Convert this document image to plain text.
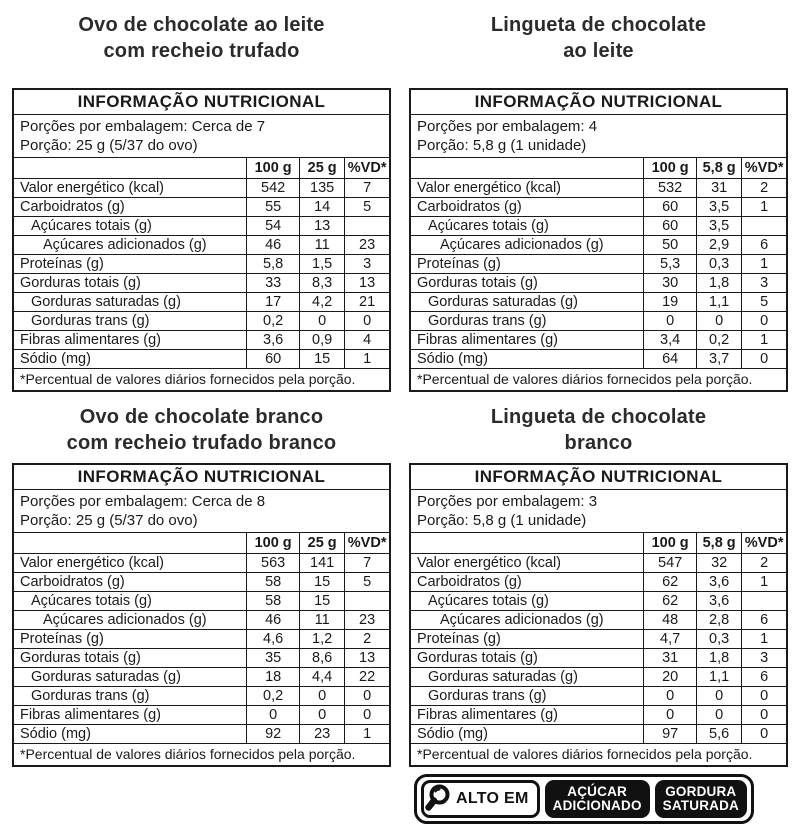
Ovo de chocolate ao leite
com recheio trufado
INFORMAÇÃO NUTRICIONAL			

Porções por embalagem: Cerca de 7
Porção: 25 g (5/37 do ovo)			

	100 g	25 g	%VD*
Valor energético (kcal)	542	135	7
Carboidratos (g)	55	14	5
Açúcares totais (g)	54	13	
Açúcares adicionados (g)	46	11	23
Proteínas (g)	5,8	1,5	3
Gorduras totais (g)	33	8,3	13
Gorduras saturadas (g)	17	4,2	21
Gorduras trans (g)	0,2	0	0
Fibras alimentares (g)	3,6	0,9	4
Sódio (mg)	60	15	1
*Percentual de valores diários fornecidos pela porção.			
Lingueta de chocolate
ao leite
INFORMAÇÃO NUTRICIONAL			

Porções por embalagem: 4
Porção: 5,8 g (1 unidade)			

	100 g	5,8 g	%VD*
Valor energético (kcal)	532	31	2
Carboidratos (g)	60	3,5	1
Açúcares totais (g)	60	3,5	
Açúcares adicionados (g)	50	2,9	6
Proteínas (g)	5,3	0,3	1
Gorduras totais (g)	30	1,8	3
Gorduras saturadas (g)	19	1,1	5
Gorduras trans (g)	0	0	0
Fibras alimentares (g)	3,4	0,2	1
Sódio (mg)	64	3,7	0
*Percentual de valores diários fornecidos pela porção.			
Ovo de chocolate branco
com recheio trufado branco
INFORMAÇÃO NUTRICIONAL			

Porções por embalagem: Cerca de 8
Porção: 25 g (5/37 do ovo)			

	100 g	25 g	%VD*
Valor energético (kcal)	563	141	7
Carboidratos (g)	58	15	5
Açúcares totais (g)	58	15	
Açúcares adicionados (g)	46	11	23
Proteínas (g)	4,6	1,2	2
Gorduras totais (g)	35	8,6	13
Gorduras saturadas (g)	18	4,4	22
Gorduras trans (g)	0,2	0	0
Fibras alimentares (g)	0	0	0
Sódio (mg)	92	23	1
*Percentual de valores diários fornecidos pela porção.			
Lingueta de chocolate
branco
INFORMAÇÃO NUTRICIONAL			

Porções por embalagem: 3
Porção: 5,8 g (1 unidade)			

	100 g	5,8 g	%VD*
Valor energético (kcal)	547	32	2
Carboidratos (g)	62	3,6	1
Açúcares totais (g)	62	3,6	
Açúcares adicionados (g)	48	2,8	6
Proteínas (g)	4,7	0,3	1
Gorduras totais (g)	31	1,8	3
Gorduras saturadas (g)	20	1,1	6
Gorduras trans (g)	0	0	0
Fibras alimentares (g)	0	0	0
Sódio (mg)	97	5,6	0
*Percentual de valores diários fornecidos pela porção.			
ALTO EM	AÇÚCAR
ADICIONADO
GORDURA
SATURADA
